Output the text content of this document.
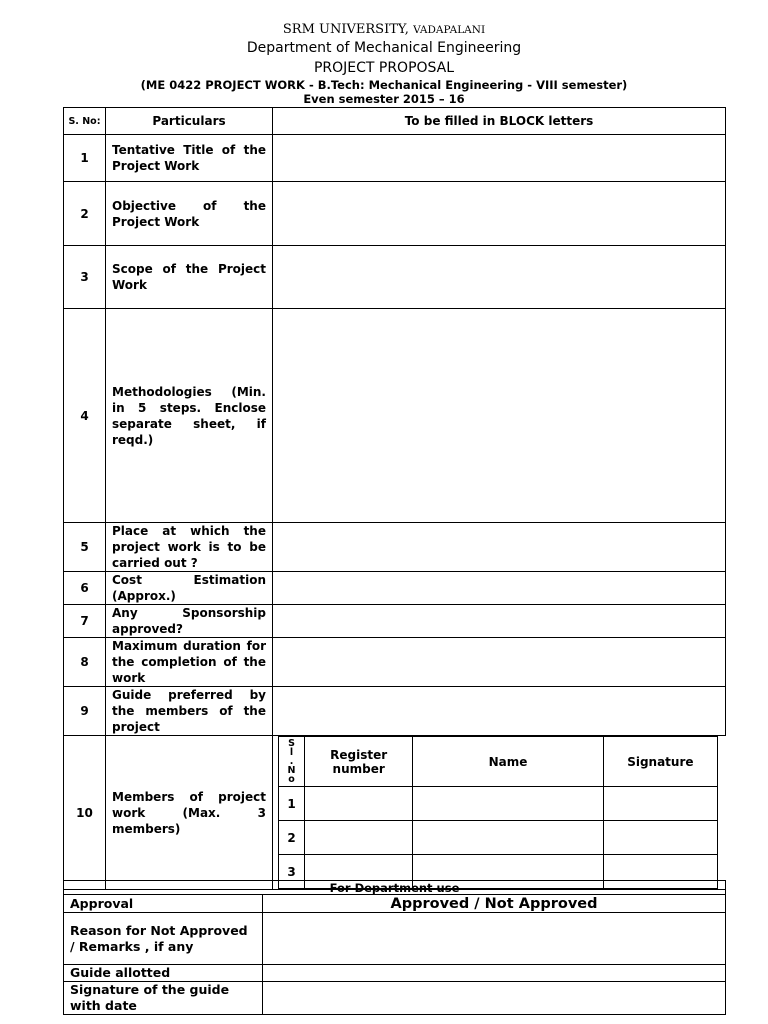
SRM UNIVERSITY, VADAPALANI
Department of Mechanical Engineering
PROJECT PROPOSAL
(ME 0422 PROJECT WORK - B.Tech: Mechanical Engineering - VIII semester)
Even semester 2015 – 16
S. No:	Particulars	To be filled in BLOCK letters
1	Tentative Title of the Project Work	
2	Objective of the Project Work	
3	Scope of the Project Work	
4	Methodologies (Min. in 5 steps. Enclose separate sheet, if reqd.)	
5	Place at which the project work is to be carried out ?	
6	Cost Estimation (Approx.)	
7	Any Sponsorship approved?	
8	Maximum duration for the completion of the work	
9	Guide preferred by the members of the project	
10	Members of project work (Max. 3 members)	
S
l
.
N
o	Register number	Name	Signature
1			
2			
3			
For Department use	
Approval	Approved / Not Approved
Reason for Not Approved / Remarks , if any	
Guide allotted	
Signature of the guide with date	
